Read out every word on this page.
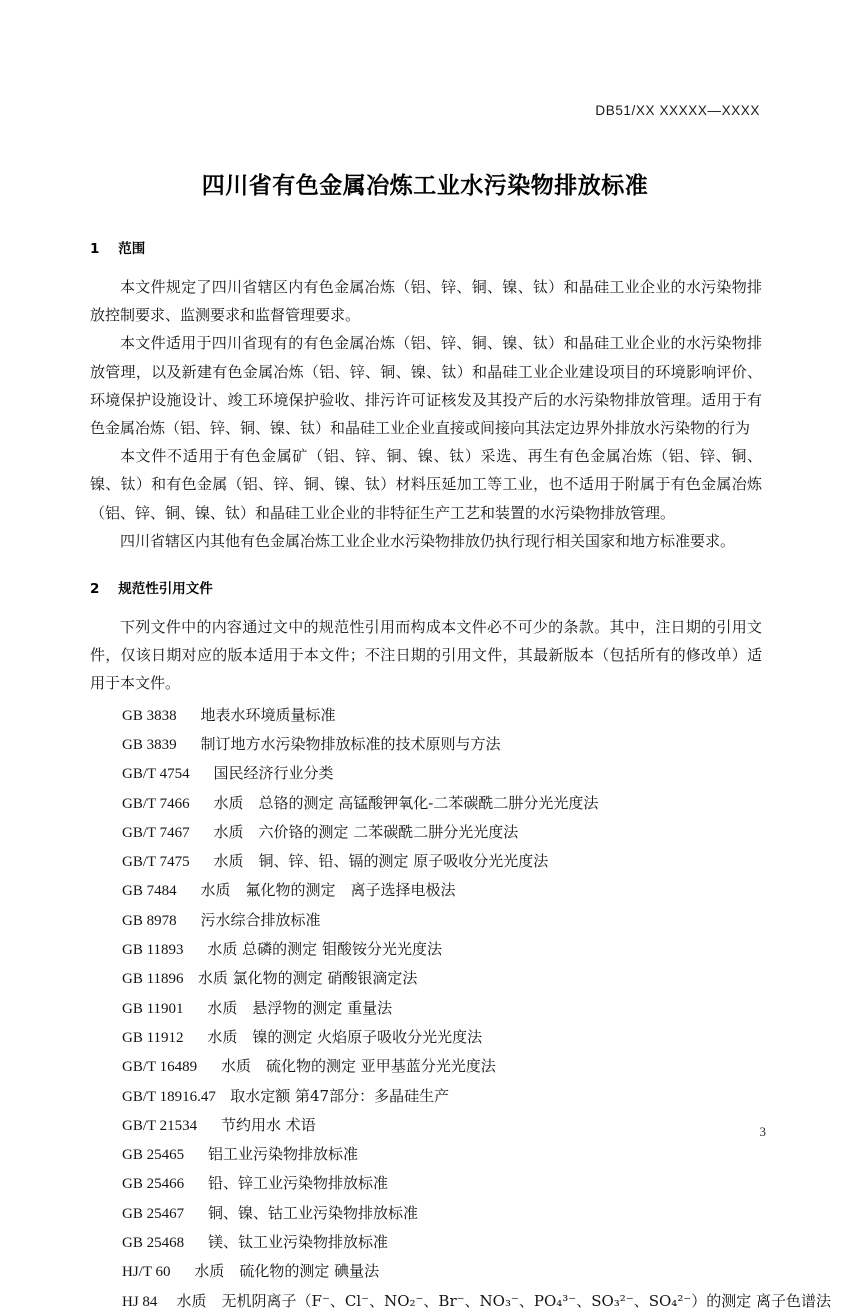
DB51/XX XXXXX—XXXX
四川省有色金属冶炼工业水污染物排放标准
1    范围

本文件规定了四川省辖区内有色金属冶炼（铝、锌、铜、镍、钛）和晶硅工业企业的水污染物排放控制要求、监测要求和监督管理要求。

本文件适用于四川省现有的有色金属冶炼（铝、锌、铜、镍、钛）和晶硅工业企业的水污染物排放管理，以及新建有色金属冶炼（铝、锌、铜、镍、钛）和晶硅工业企业建设项目的环境影响评价、环境保护设施设计、竣工环境保护验收、排污许可证核发及其投产后的水污染物排放管理。适用于有色金属冶炼（铝、锌、铜、镍、钛）和晶硅工业企业直接或间接向其法定边界外排放水污染物的行为

本文件不适用于有色金属矿（铝、锌、铜、镍、钛）采选、再生有色金属冶炼（铝、锌、铜、镍、钛）和有色金属（铝、锌、铜、镍、钛）材料压延加工等工业，也不适用于附属于有色金属冶炼（铝、锌、铜、镍、钛）和晶硅工业企业的非特征生产工艺和装置的水污染物排放管理。

四川省辖区内其他有色金属冶炼工业企业水污染物排放仍执行现行相关国家和地方标准要求。

2    规范性引用文件

下列文件中的内容通过文中的规范性引用而构成本文件必不可少的条款。其中，注日期的引用文件，仅该日期对应的版本适用于本文件；不注日期的引用文件，其最新版本（包括所有的修改单）适用于本文件。

GB 3838 地表水环境质量标准
GB 3839 制订地方水污染物排放标准的技术原则与方法
GB/T 4754 国民经济行业分类
GB/T 7466 水质　总铬的测定 高锰酸钾氧化-二苯碳酰二肼分光光度法
GB/T 7467 水质　六价铬的测定 二苯碳酰二肼分光光度法
GB/T 7475 水质　铜、锌、铅、镉的测定 原子吸收分光光度法
GB 7484 水质　氟化物的测定　离子选择电极法
GB 8978 污水综合排放标准
GB 11893 水质 总磷的测定 钼酸铵分光光度法
GB 11896 水质 氯化物的测定 硝酸银滴定法
GB 11901 水质　悬浮物的测定 重量法
GB 11912 水质　镍的测定 火焰原子吸收分光光度法
GB/T 16489 水质　硫化物的测定 亚甲基蓝分光光度法
GB/T 18916.47 取水定额 第47部分：多晶硅生产
GB/T 21534 节约用水 术语
GB 25465 铝工业污染物排放标准
GB 25466 铅、锌工业污染物排放标准
GB 25467 铜、镍、钴工业污染物排放标准
GB 25468 镁、钛工业污染物排放标准
HJ/T 60 水质　硫化物的测定 碘量法
HJ 84 水质　无机阴离子（F⁻、Cl⁻、NO₂⁻、Br⁻、NO₃⁻、PO₄³⁻、SO₃²⁻、SO₄²⁻）的测定 离子色谱法
3
